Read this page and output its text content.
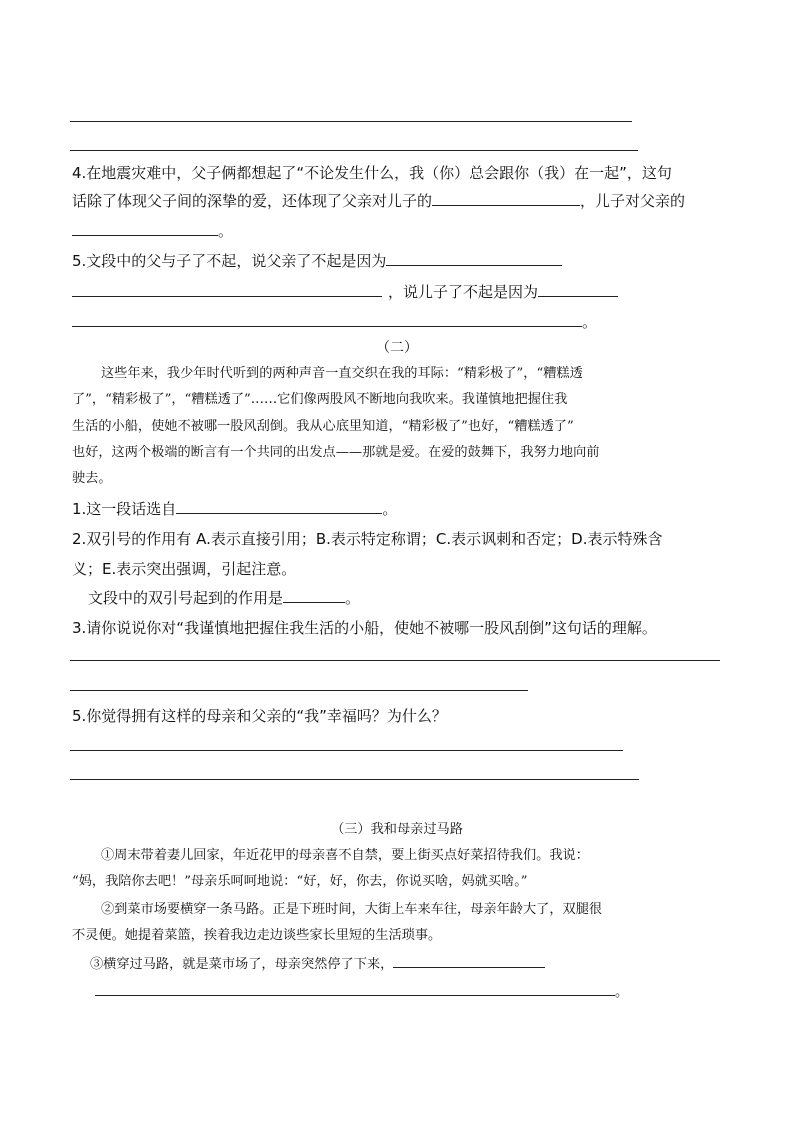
4.在地震灾难中，父子俩都想起了“不论发生什么，我（你）总会跟你（我）在一起”，这句
话除了体现父子间的深挚的爱，还体现了父亲对儿子的	，儿子对父亲的
。
5.文段中的父与子了不起，说父亲了不起是因为
，说儿子了不起是因为
。
（二）
这些年来，我少年时代听到的两种声音一直交织在我的耳际：“精彩极了”，“糟糕透
了”，“精彩极了”，“糟糕透了”……它们像两股风不断地向我吹来。我谨慎地把握住我
生活的小船，使她不被哪一股风刮倒。我从心底里知道，“精彩极了”也好，“糟糕透了”
也好，这两个极端的断言有一个共同的出发点——那就是爱。在爱的鼓舞下，我努力地向前
驶去。
1.这一段话选自	。
2.双引号的作用有 A.表示直接引用；B.表示特定称谓；C.表示讽刺和否定；D.表示特殊含
义；E.表示突出强调，引起注意。
文段中的双引号起到的作用是	。
3.请你说说你对“我谨慎地把握住我生活的小船，使她不被哪一股风刮倒”这句话的理解。
5.你觉得拥有这样的母亲和父亲的“我”幸福吗？为什么？
（三）我和母亲过马路
①周末带着妻儿回家，年近花甲的母亲喜不自禁，要上街买点好菜招待我们。我说：
“妈，我陪你去吧！”母亲乐呵呵地说：“好，好，你去，你说买啥，妈就买啥。”
②到菜市场要横穿一条马路。正是下班时间，大街上车来车往，母亲年龄大了，双腿很
不灵便。她提着菜篮，挨着我边走边谈些家长里短的生活琐事。
③横穿过马路，就是菜市场了，母亲突然停了下来，
。
